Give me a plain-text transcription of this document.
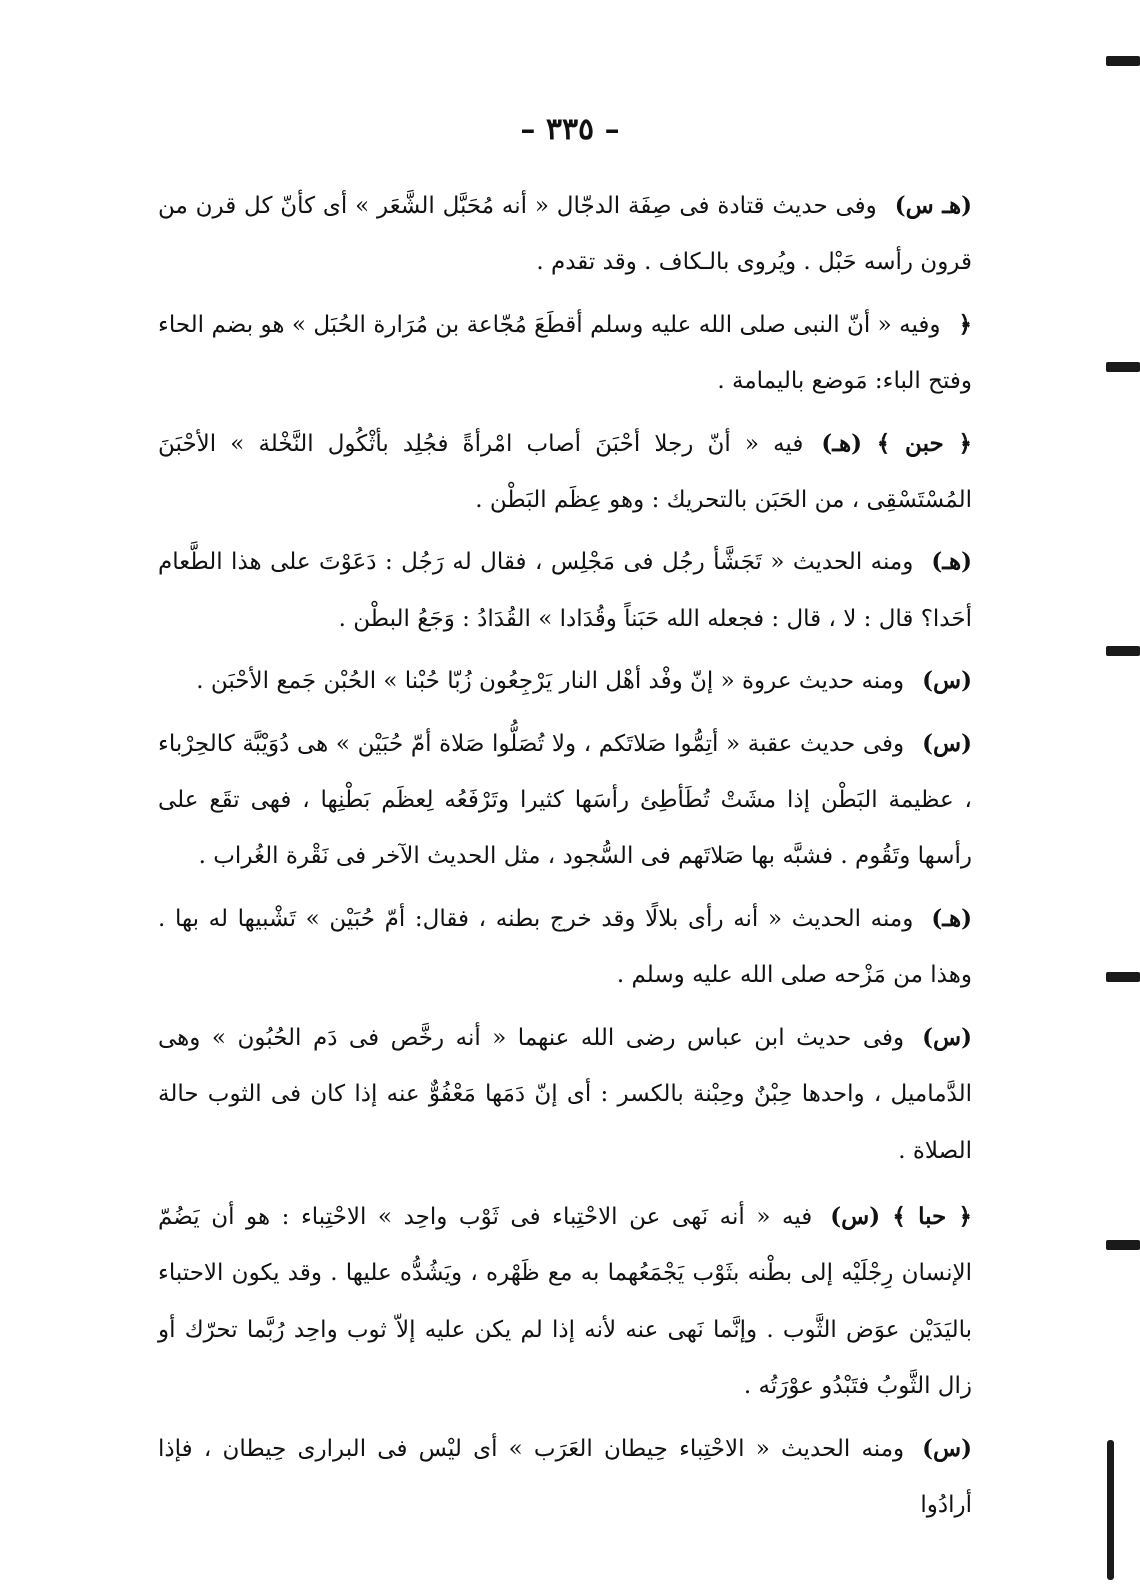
– ٣٣٥ –

(هـ س)وفى حديث قتادة فى صِفَة الدجّال « أنه مُحَبَّل الشَّعَر » أى كأنّ كل قرن من قرون رأسه حَبْل . ويُروى بالـكاف . وقد تقدم .

﴿وفيه « أنّ النبى صلى الله عليه وسلم أقطَعَ مُجّاعة بن مُرَارة الحُبَل » هو بضم الحاء وفتح الباء: مَوضع باليمامة .

﴿ حبن ﴾ (هـ)فيه « أنّ رجلا أحْبَنَ أصاب امْرأةً فجُلِد بأثْكُول النَّخْلة » الأحْبَنَ المُسْتَسْقِى ، من الحَبَن بالتحريك : وهو عِظَم البَطْن .

(هـ)ومنه الحديث « تَجَشَّأ رجُل فى مَجْلِس ، فقال له رَجُل : دَعَوْتَ على هذا الطَّعام أحَدا؟ قال : لا ، قال : فجعله الله حَبَناً وقُدَادا » القُدَادُ : وَجَعُ البطْن .

(س)ومنه حديث عروة « إنّ وفْد أهْل النار يَرْجِعُون زُبّا حُبْنا » الحُبْن جَمع الأحْبَن .

(س)وفى حديث عقبة « أتِمُّوا صَلاتَكم ، ولا تُصَلُّوا صَلاة أمّ حُبَيْن » هى دُوَيْبَّة كالحِرْباء ، عظيمة البَطْن إذا مشَتْ تُطَأطِئ رأسَها كثيرا وتَرْفَعُه لِعظَم بَطْنِها ، فهى تقَع على رأسها وتَقُوم . فشبَّه بها صَلاتَهم فى السُّجود ، مثل الحديث الآخر فى نَقْرة الغُراب .

(هـ)ومنه الحديث « أنه رأى بلالًا وقد خرج بطنه ، فقال: أمّ حُبَيْن » تَشْبيها له بها . وهذا من مَزْحه صلى الله عليه وسلم .

(س)وفى حديث ابن عباس رضى الله عنهما « أنه رخَّص فى دَم الحُبُون » وهى الدَّماميل ، واحدها حِبْنٌ وحِبْنة بالكسر : أى إنّ دَمَها مَعْفُوٌّ عنه إذا كان فى الثوب حالة الصلاة .

﴿ حبا ﴾ (س)فيه « أنه نَهى عن الاحْتِباء فى ثَوْب واحِد » الاحْتِباء : هو أن يَضُمّ الإنسان رِجْلَيْه إلى بطْنه بثَوْب يَجْمَعُهما به مع ظَهْره ، ويَشُدُّه عليها . وقد يكون الاحتباء باليَدَيْن عوَض الثَّوب . وإنَّما نَهى عنه لأنه إذا لم يكن عليه إلاّ ثوب واحِد رُبَّما تحرّك أو زال الثَّوبُ فتَبْدُو عوْرَتُه .

(س)ومنه الحديث « الاحْتِباء حِيطان العَرَب » أى ليْس فى البرارى حِيطان ، فإذا أرادُوا
